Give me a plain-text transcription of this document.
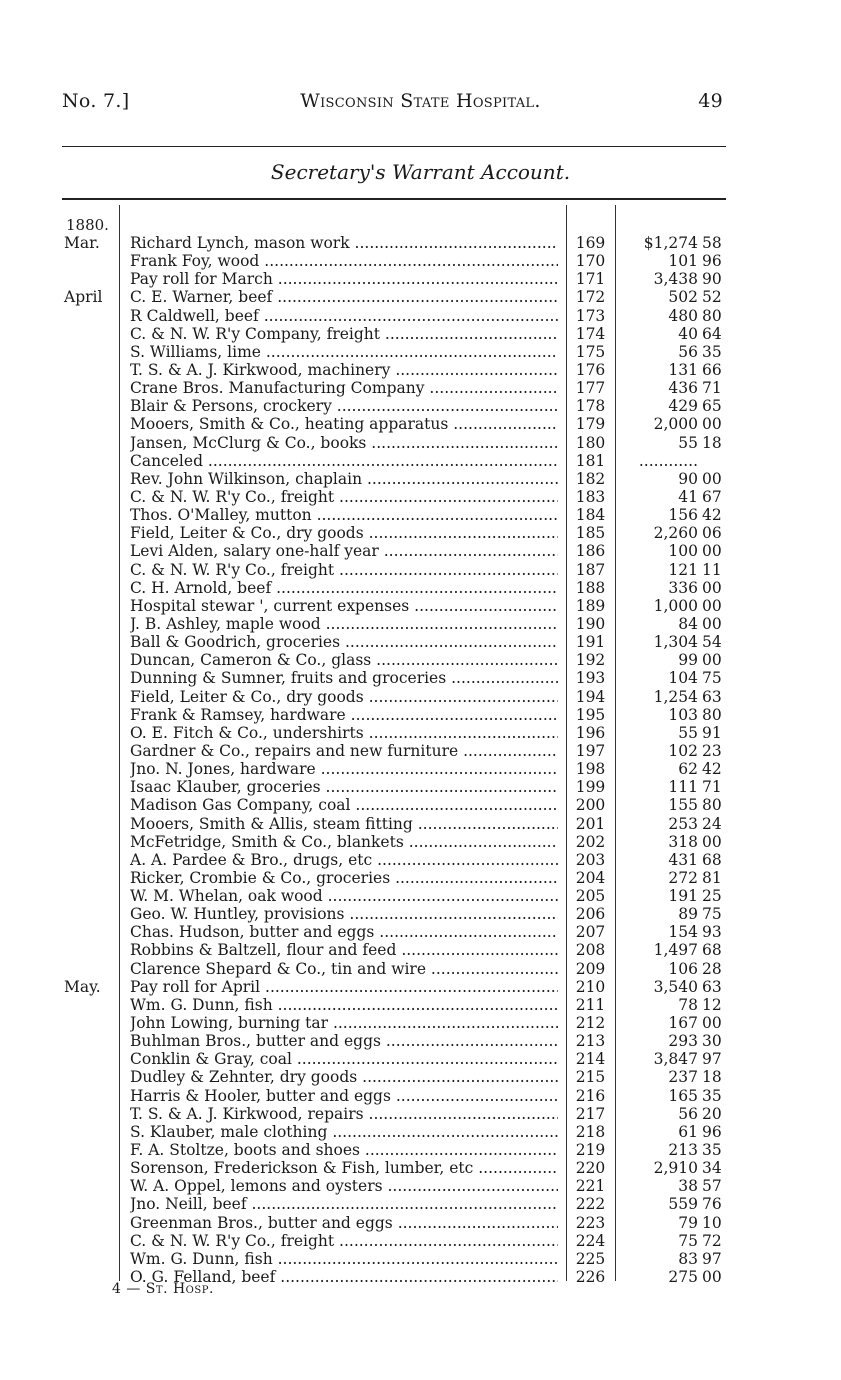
No. 7.]	Wisconsin State Hospital.	49
Secretary's Warrant Account.
1880.
Mar.	Richard Lynch, mason work .....	169	$1,274 58
Frank Foy, wood .....	170	101 96
Pay roll for March .....	171	3,438 90
April	C. E. Warner, beef .....	172	502 52
R Caldwell, beef .....	173	480 80
C. & N. W. R'y Company, freight .....	174	40 64
S. Williams, lime .....	175	56 35
T. S. & A. J. Kirkwood, machinery .....	176	131 66
Crane Bros. Manufacturing Company .....	177	436 71
Blair & Persons, crockery .....	178	429 65
Mooers, Smith & Co., heating apparatus .....	179	2,000 00
Jansen, McClurg & Co., books .....	180	55 18
Canceled .....	181	............
Rev. John Wilkinson, chaplain .....	182	90 00
C. & N. W. R'y Co., freight .....	183	41 67
Thos. O'Malley, mutton .....	184	156 42
Field, Leiter & Co., dry goods .....	185	2,260 06
Levi Alden, salary one-half year .....	186	100 00
C. & N. W. R'y Co., freight .....	187	121 11
C. H. Arnold, beef .....	188	336 00
Hospital stewar ', current expenses .....	189	1,000 00
J. B. Ashley, maple wood .....	190	84 00
Ball & Goodrich, groceries .....	191	1,304 54
Duncan, Cameron & Co., glass .....	192	99 00
Dunning & Sumner, fruits and groceries .....	193	104 75
Field, Leiter & Co., dry goods .....	194	1,254 63
Frank & Ramsey, hardware .....	195	103 80
O. E. Fitch & Co., undershirts .....	196	55 91
Gardner & Co., repairs and new furniture .....	197	102 23
Jno. N. Jones, hardware .....	198	62 42
Isaac Klauber, groceries .....	199	111 71
Madison Gas Company, coal .....	200	155 80
Mooers, Smith & Allis, steam fitting .....	201	253 24
McFetridge, Smith & Co., blankets .....	202	318 00
A. A. Pardee & Bro., drugs, etc .....	203	431 68
Ricker, Crombie & Co., groceries .....	204	272 81
W. M. Whelan, oak wood .....	205	191 25
Geo. W. Huntley, provisions .....	206	89 75
Chas. Hudson, butter and eggs .....	207	154 93
Robbins & Baltzell, flour and feed .....	208	1,497 68
Clarence Shepard & Co., tin and wire .....	209	106 28
May.	Pay roll for April .....	210	3,540 63
Wm. G. Dunn, fish .....	211	78 12
John Lowing, burning tar .....	212	167 00
Buhlman Bros., butter and eggs .....	213	293 30
Conklin & Gray, coal .....	214	3,847 97
Dudley & Zehnter, dry goods .....	215	237 18
Harris & Hooler, butter and eggs .....	216	165 35
T. S. & A. J. Kirkwood, repairs .....	217	56 20
S. Klauber, male clothing .....	218	61 96
F. A. Stoltze, boots and shoes .....	219	213 35
Sorenson, Frederickson & Fish, lumber, etc .....	220	2,910 34
W. A. Oppel, lemons and oysters .....	221	38 57
Jno. Neill, beef .....	222	559 76
Greenman Bros., butter and eggs .....	223	79 10
C. & N. W. R'y Co., freight .....	224	75 72
Wm. G. Dunn, fish .....	225	83 97
O. G. Felland, beef .....	226	275 00
4 — St. Hosp.
